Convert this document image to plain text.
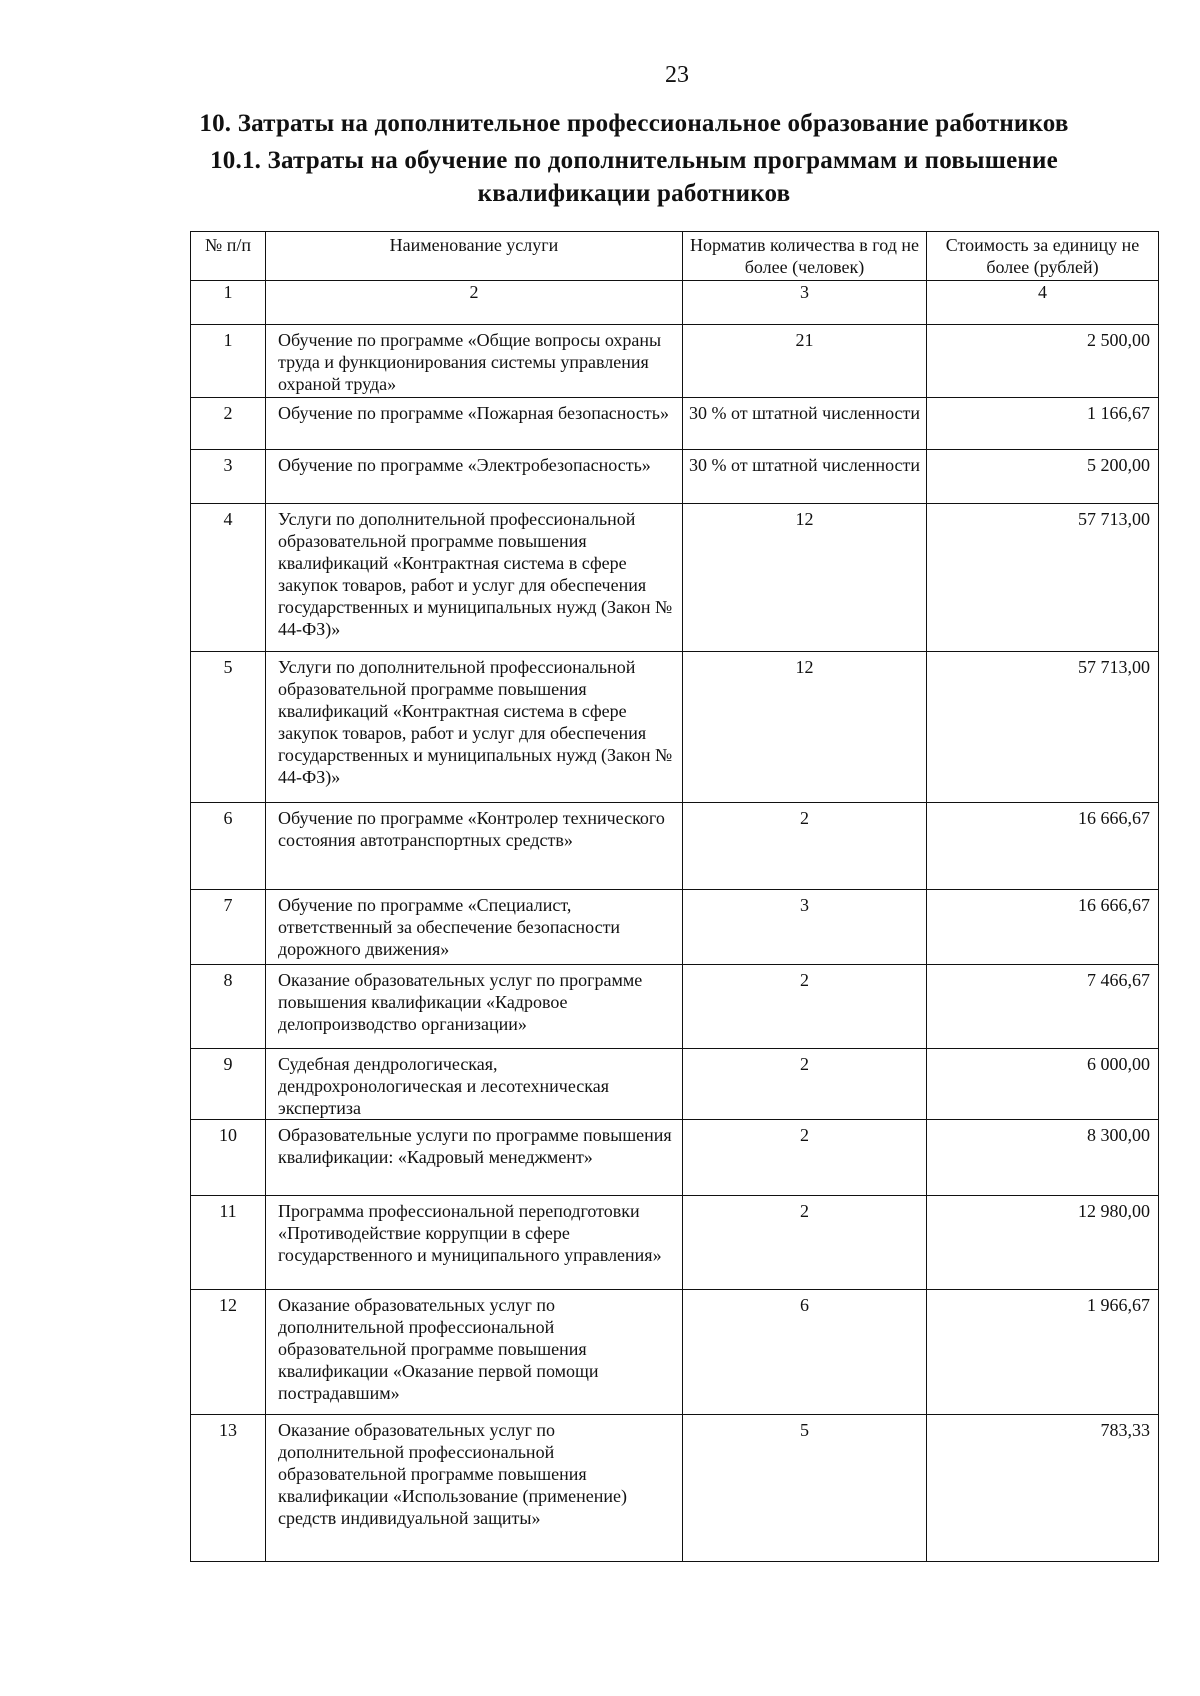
23
10. Затраты на дополнительное профессиональное образование работников
10.1. Затраты на обучение по дополнительным программам и повышение
квалификации работников
№ п/п	Наименование услуги	Норматив количества в год не более (человек)	Стоимость за единицу не более (рублей)
1	2	3	4
1	Обучение по программе «Общие вопросы охраны труда и функционирования системы управления охраной труда»	21	2 500,00
2	Обучение по программе «Пожарная безопасность»	30 % от штатной численности	1 166,67
3	Обучение по программе «Электробезопасность»	30 % от штатной численности	5 200,00
4	Услуги по дополнительной профессиональной образовательной программе повышения квалификаций «Контрактная система в сфере закупок товаров, работ и услуг для обеспечения государственных и муниципальных нужд (Закон № 44-ФЗ)»	12	57 713,00
5	Услуги по дополнительной профессиональной образовательной программе повышения квалификаций «Контрактная система в сфере закупок товаров, работ и услуг для обеспечения государственных и муниципальных нужд (Закон № 44-ФЗ)»	12	57 713,00
6	Обучение по программе «Контролер технического состояния автотранспортных средств»	2	16 666,67
7	Обучение по программе «Специалист, ответственный за обеспечение безопасности дорожного движения»	3	16 666,67
8	Оказание образовательных услуг по программе повышения квалификации «Кадровое делопроизводство организации»	2	7 466,67
9	Судебная дендрологическая, дендрохронологическая и лесотехническая экспертиза	2	6 000,00
10	Образовательные услуги по программе повышения квалификации: «Кадровый менеджмент»	2	8 300,00
11	Программа профессиональной переподготовки «Противодействие коррупции в сфере государственного и муниципального управления»	2	12 980,00
12	Оказание образовательных услуг по дополнительной профессиональной образовательной программе повышения квалификации «Оказание первой помощи пострадавшим»	6	1 966,67
13	Оказание образовательных услуг по дополнительной профессиональной образовательной программе повышения квалификации «Использование (применение) средств индивидуальной защиты»	5	783,33
